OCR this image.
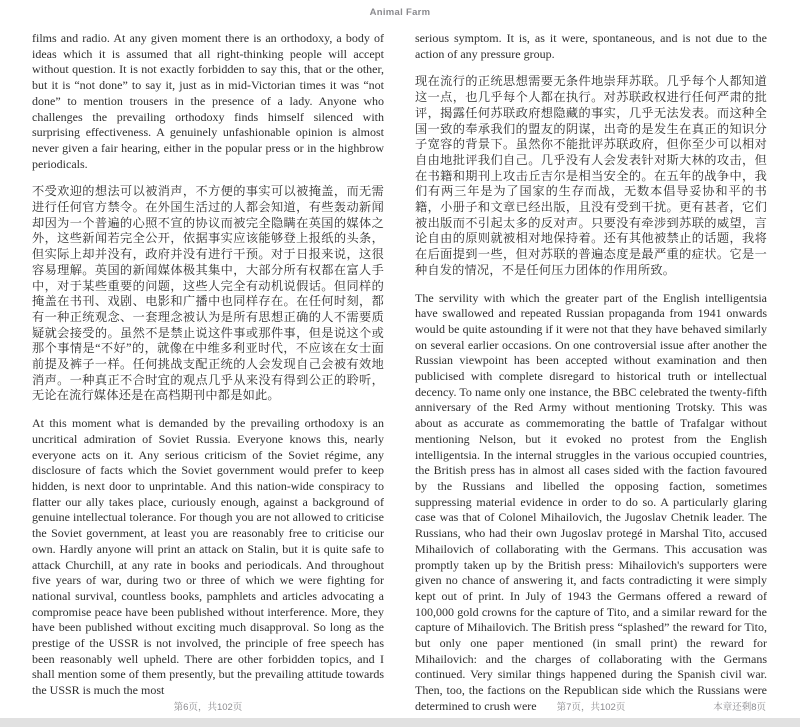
Animal Farm

films and radio. At any given moment there is an orthodoxy, a body of ideas which it is assumed that all right-thinking people will accept without question. It is not exactly forbidden to say this, that or the other, but it is “not done” to say it, just as in mid-Victorian times it was “not done” to mention trousers in the presence of a lady. Anyone who challenges the prevailing orthodoxy finds himself silenced with surprising effectiveness. A genuinely unfashionable opinion is almost never given a fair hearing, either in the popular press or in the highbrow periodicals.

不受欢迎的想法可以被消声，不方便的事实可以被掩盖，而无需进行任何官方禁令。在外国生活过的人都会知道，有些轰动新闻却因为一个普遍的心照不宣的协议而被完全隐瞒在英国的媒体之外，这些新闻若完全公开，依据事实应该能够登上报纸的头条，但实际上却并没有，政府并没有进行干预。对于日报来说，这很容易理解。英国的新闻媒体极其集中，大部分所有权都在富人手中，对于某些重要的问题，这些人完全有动机说假话。但同样的掩盖在书刊、戏剧、电影和广播中也同样存在。在任何时刻，都有一种正统观念、一套理念被认为是所有思想正确的人不需要质疑就会接受的。虽然不是禁止说这件事或那件事，但是说这个或那个事情是“不好”的，就像在中维多利亚时代，不应该在女士面前提及裤子一样。任何挑战支配正统的人会发现自己会被有效地消声。一种真正不合时宜的观点几乎从来没有得到公正的聆听，无论在流行媒体还是在高档期刊中都是如此。

At this moment what is demanded by the prevailing orthodoxy is an uncritical admiration of Soviet Russia. Everyone knows this, nearly everyone acts on it. Any serious criticism of the Soviet régime, any disclosure of facts which the Soviet government would prefer to keep hidden, is next door to unprintable. And this nation-wide conspiracy to flatter our ally takes place, curiously enough, against a background of genuine intellectual tolerance. For though you are not allowed to criticise the Soviet government, at least you are reasonably free to criticise our own. Hardly anyone will print an attack on Stalin, but it is quite safe to attack Churchill, at any rate in books and periodicals. And throughout five years of war, during two or three of which we were fighting for national survival, countless books, pamphlets and articles advocating a compromise peace have been published without interference. More, they have been published without exciting much disapproval. So long as the prestige of the USSR is not involved, the principle of free speech has been reasonably well upheld. There are other forbidden topics, and I shall mention some of them presently, but the prevailing attitude towards the USSR is much the most

serious symptom. It is, as it were, spontaneous, and is not due to the action of any pressure group.

现在流行的正统思想需要无条件地崇拜苏联。几乎每个人都知道这一点，也几乎每个人都在执行。对苏联政权进行任何严肃的批评，揭露任何苏联政府想隐藏的事实，几乎无法发表。而这种全国一致的奉承我们的盟友的阴谋，出奇的是发生在真正的知识分子宽容的背景下。虽然你不能批评苏联政府，但你至少可以相对自由地批评我们自己。几乎没有人会发表针对斯大林的攻击，但在书籍和期刊上攻击丘吉尔是相当安全的。在五年的战争中，我们有两三年是为了国家的生存而战，无数本倡导妥协和平的书籍，小册子和文章已经出版，且没有受到干扰。更有甚者，它们被出版而不引起太多的反对声。只要没有牵涉到苏联的威望，言论自由的原则就被相对地保持着。还有其他被禁止的话题，我将在后面提到一些，但对苏联的普遍态度是最严重的症状。它是一种自发的情况，不是任何压力团体的作用所致。

The servility with which the greater part of the English intelligentsia have swallowed and repeated Russian propaganda from 1941 onwards would be quite astounding if it were not that they have behaved similarly on several earlier occasions. On one controversial issue after another the Russian viewpoint has been accepted without examination and then publicised with complete disregard to historical truth or intellectual decency. To name only one instance, the BBC celebrated the twenty-fifth anniversary of the Red Army without mentioning Trotsky. This was about as accurate as commemorating the battle of Trafalgar without mentioning Nelson, but it evoked no protest from the English intelligentsia. In the internal struggles in the various occupied countries, the British press has in almost all cases sided with the faction favoured by the Russians and libelled the opposing faction, sometimes suppressing material evidence in order to do so. A particularly glaring case was that of Colonel Mihailovich, the Jugoslav Chetnik leader. The Russians, who had their own Jugoslav protegé in Marshal Tito, accused Mihailovich of collaborating with the Germans. This accusation was promptly taken up by the British press: Mihailovich's supporters were given no chance of answering it, and facts contradicting it were simply kept out of print. In July of 1943 the Germans offered a reward of 100,000 gold crowns for the capture of Tito, and a similar reward for the capture of Mihailovich. The British press “splashed” the reward for Tito, but only one paper mentioned (in small print) the reward for Mihailovich: and the charges of collaborating with the Germans continued. Very similar things happened during the Spanish civil war. Then, too, the factions on the Republican side which the Russians were determined to crush were

第6页，共102页	第7页，共102页	本章还剩8页
